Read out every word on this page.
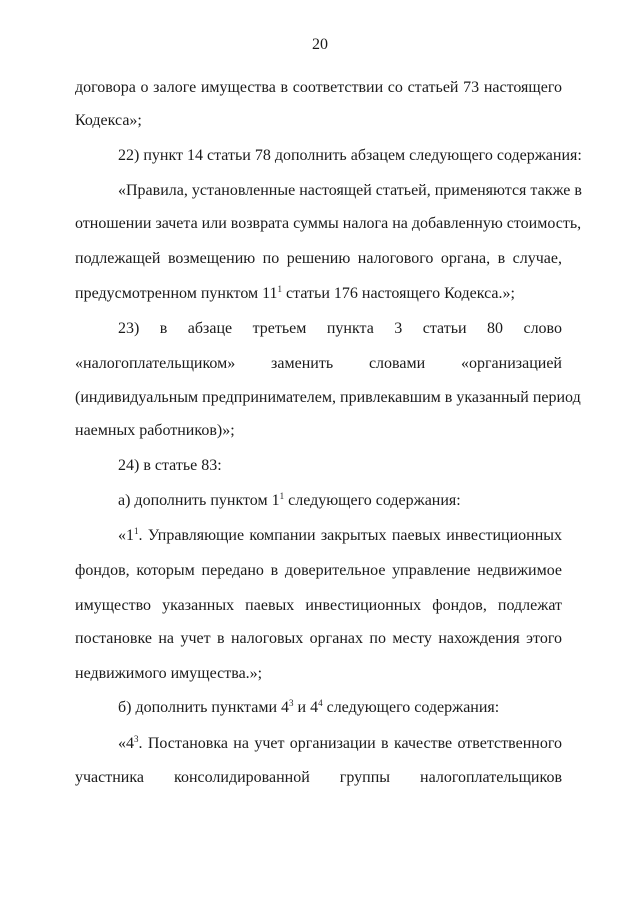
20
договора о залоге имущества в соответствии со статьей 73 настоящего
Кодекса»;
22) пункт 14 статьи 78 дополнить абзацем следующего содержания:
«Правила, установленные настоящей статьей, применяются также в
отношении зачета или возврата суммы налога на добавленную стоимость,
подлежащей возмещению по решению налогового органа, в случае,
предусмотренном пунктом $11^1$ статьи 176 настоящего Кодекса.»;
23) в абзаце третьем пункта 3 статьи 80 слово
«налогоплательщиком» заменить словами «организацией
(индивидуальным предпринимателем, привлекавшим в указанный период
наемных работников)»;
24) в статье 83:
а) дополнить пунктом $1^1$ следующего содержания:
«$1^1$. Управляющие компании закрытых паевых инвестиционных
фондов, которым передано в доверительное управление недвижимое
имущество указанных паевых инвестиционных фондов, подлежат
постановке на учет в налоговых органах по месту нахождения этого
недвижимого имущества.»;
б) дополнить пунктами $4^3$ и $4^4$ следующего содержания:
«$4^3$. Постановка на учет организации в качестве ответственного
участника консолидированной группы налогоплательщиков
